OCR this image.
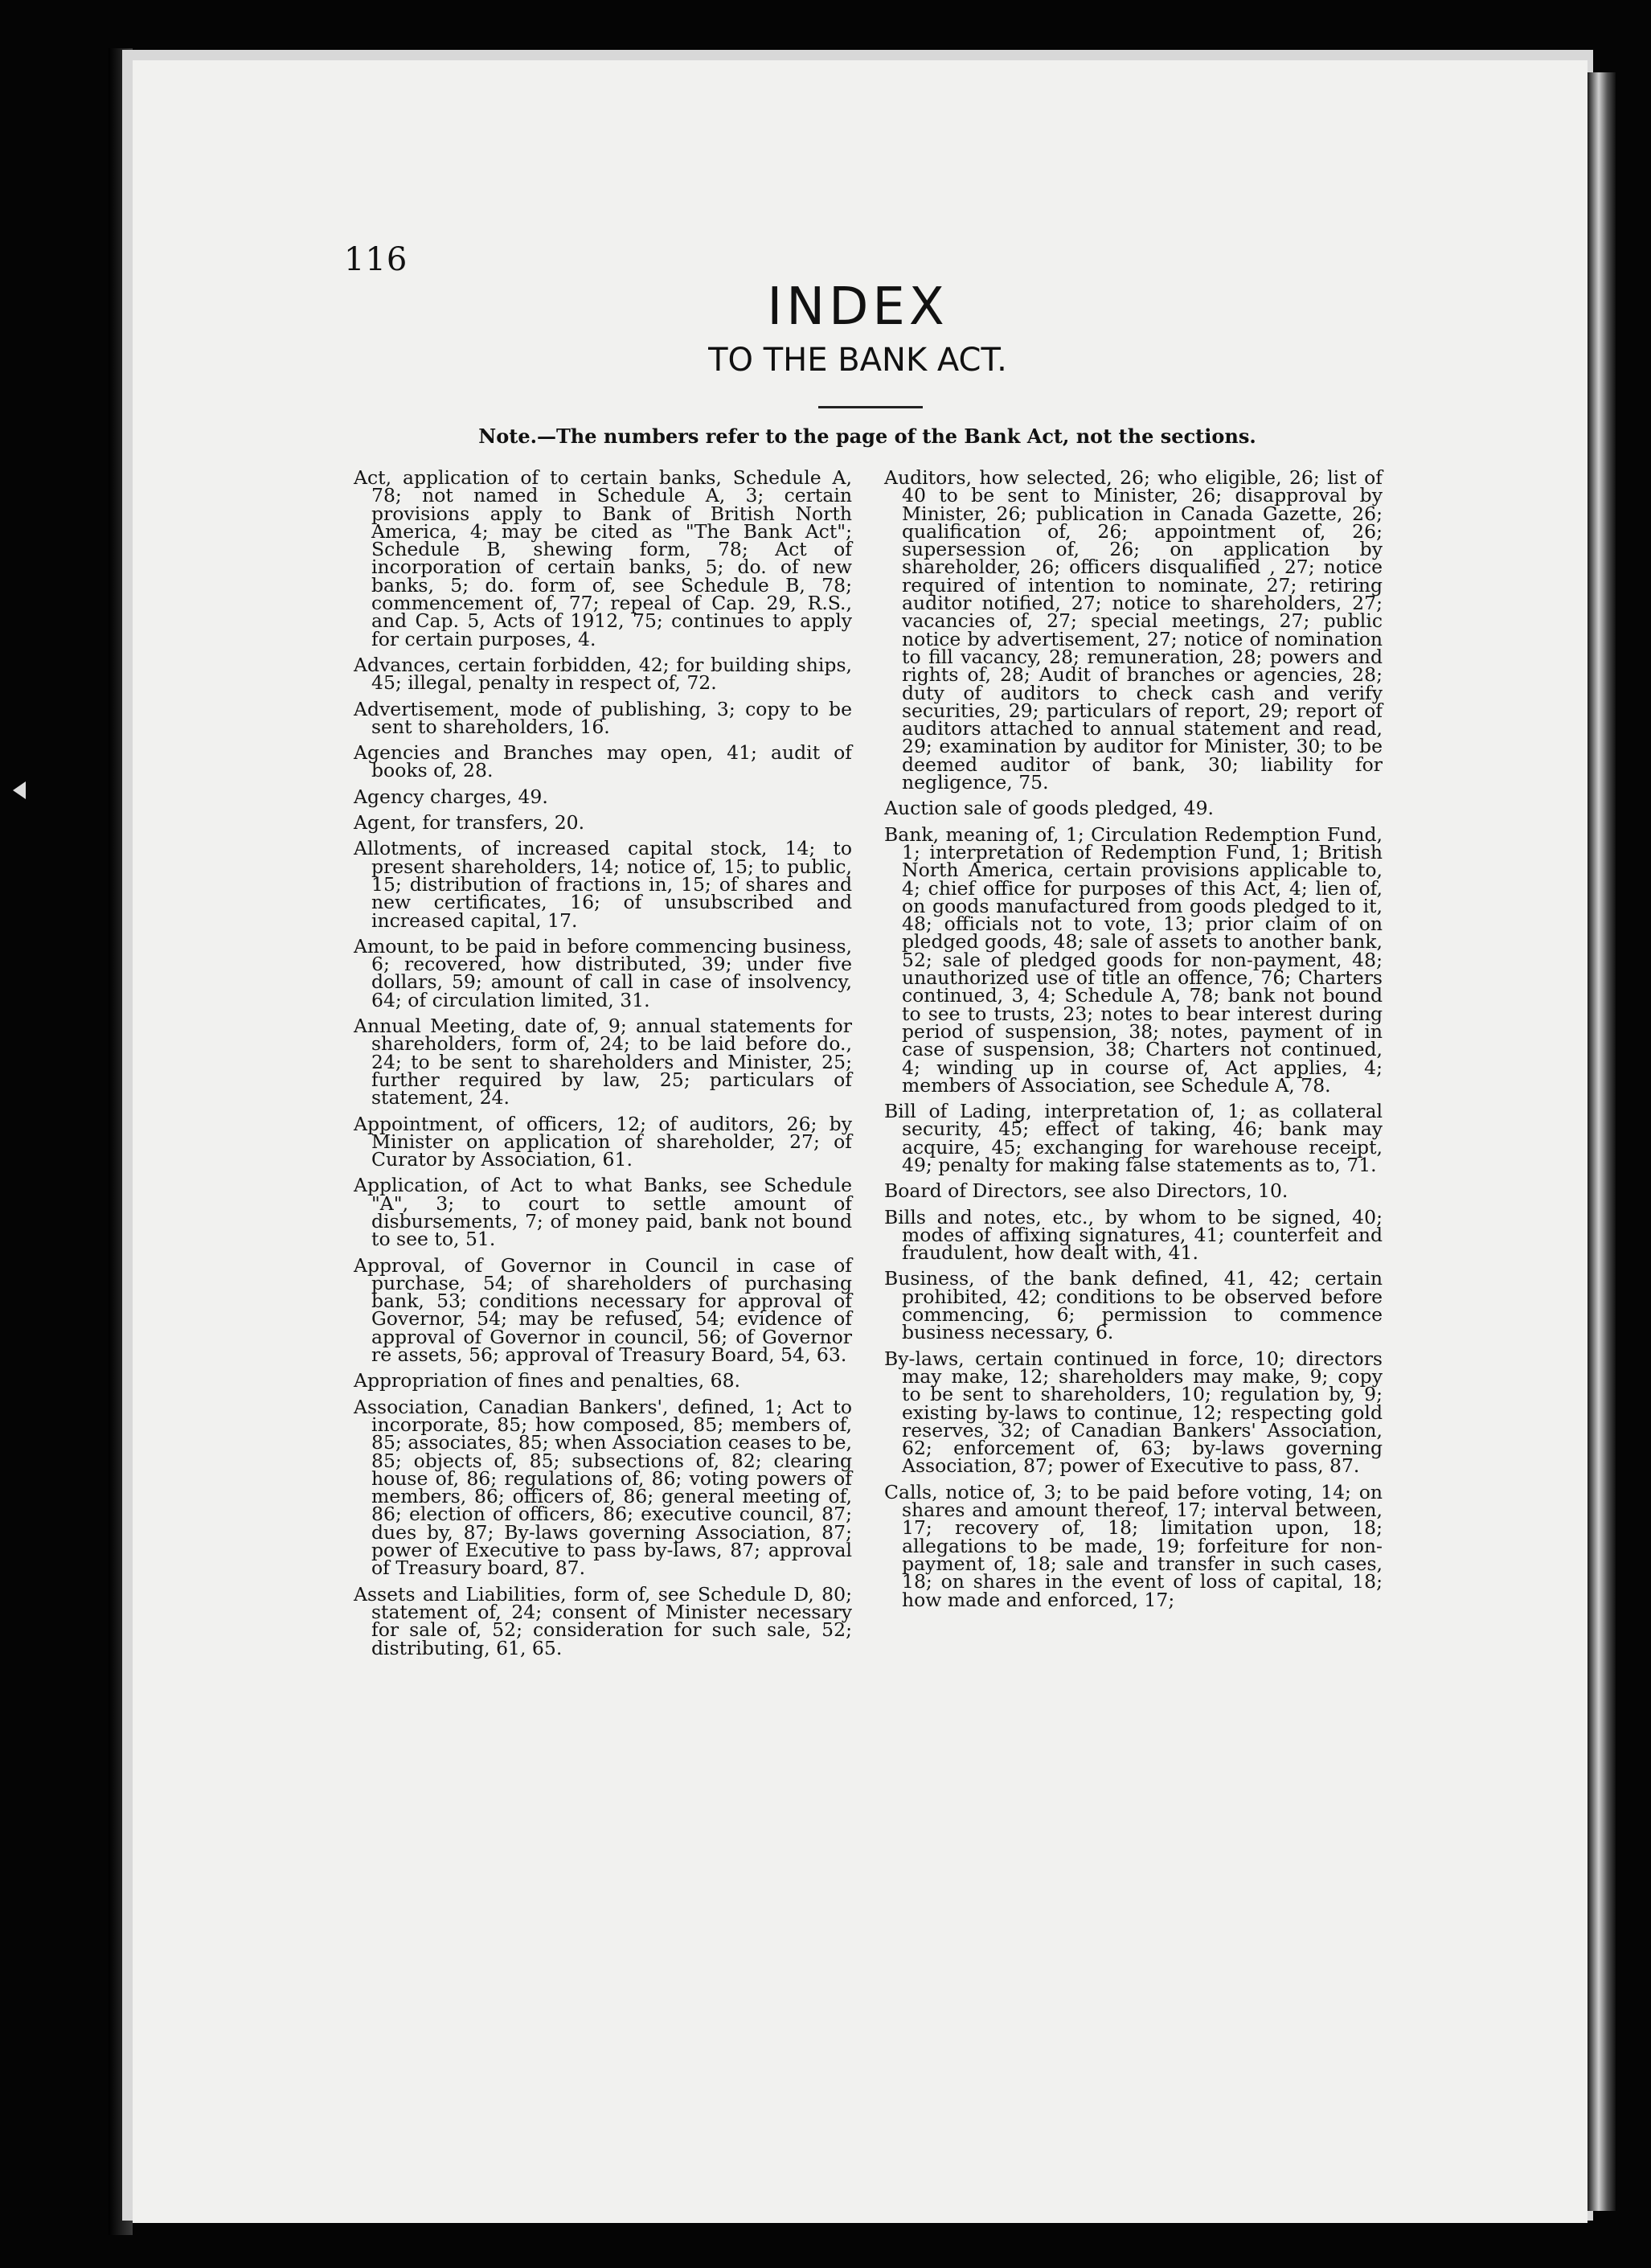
116
INDEX
TO THE BANK ACT.
Note.—The numbers refer to the page of the Bank Act, not the sections.

Act, application of to certain banks, Schedule A, 78; not named in Schedule A, 3; certain provisions apply to Bank of British North America, 4; may be cited as "The Bank Act"; Schedule B, shewing form, 78; Act of incorporation of certain banks, 5; do. of new banks, 5; do. form of, see Schedule B, 78; commencement of, 77; repeal of Cap. 29, R.S., and Cap. 5, Acts of 1912, 75; continues to apply for certain purposes, 4.

Advances, certain forbidden, 42; for building ships, 45; illegal, penalty in respect of, 72.

Advertisement, mode of publishing, 3; copy to be sent to shareholders, 16.

Agencies and Branches may open, 41; audit of books of, 28.

Agency charges, 49.

Agent, for transfers, 20.

Allotments, of increased capital stock, 14; to present shareholders, 14; notice of, 15; to public, 15; distribution of fractions in, 15; of shares and new certificates, 16; of unsubscribed and increased capital, 17.

Amount, to be paid in before commencing business, 6; recovered, how distributed, 39; under five dollars, 59; amount of call in case of insolvency, 64; of circulation limited, 31.

Annual Meeting, date of, 9; annual statements for shareholders, form of, 24; to be laid before do., 24; to be sent to shareholders and Minister, 25; further required by law, 25; particulars of statement, 24.

Appointment, of officers, 12; of auditors, 26; by Minister on application of shareholder, 27; of Curator by Association, 61.

Application, of Act to what Banks, see Schedule "A", 3; to court to settle amount of disbursements, 7; of money paid, bank not bound to see to, 51.

Approval, of Governor in Council in case of purchase, 54; of shareholders of purchasing bank, 53; conditions necessary for approval of Governor, 54; may be refused, 54; evidence of approval of Governor in council, 56; of Governor re assets, 56; approval of Treasury Board, 54, 63.

Appropriation of fines and penalties, 68.

Association, Canadian Bankers', defined, 1; Act to incorporate, 85; how composed, 85; members of, 85; associates, 85; when Association ceases to be, 85; objects of, 85; subsections of, 82; clearing house of, 86; regulations of, 86; voting powers of members, 86; officers of, 86; general meeting of, 86; election of officers, 86; executive council, 87; dues by, 87; By-laws governing Association, 87; power of Executive to pass by-laws, 87; approval of Treasury board, 87.

Assets and Liabilities, form of, see Schedule D, 80; statement of, 24; consent of Minister necessary for sale of, 52; consideration for such sale, 52; distributing, 61, 65.

Auditors, how selected, 26; who eligible, 26; list of 40 to be sent to Minister, 26; disapproval by Minister, 26; publication in Canada Gazette, 26; qualification of, 26; appointment of, 26; supersession of, 26; on application by shareholder, 26; officers disqualified , 27; notice required of intention to nominate, 27; retiring auditor notified, 27; notice to shareholders, 27; vacancies of, 27; special meetings, 27; public notice by advertisement, 27; notice of nomination to fill vacancy, 28; remuneration, 28; powers and rights of, 28; Audit of branches or agencies, 28; duty of auditors to check cash and verify securities, 29; particulars of report, 29; report of auditors attached to annual statement and read, 29; examination by auditor for Minister, 30; to be deemed auditor of bank, 30; liability for negligence, 75.

Auction sale of goods pledged, 49.

Bank, meaning of, 1; Circulation Redemption Fund, 1; interpretation of Redemption Fund, 1; British North America, certain provisions applicable to, 4; chief office for purposes of this Act, 4; lien of, on goods manufactured from goods pledged to it, 48; officials not to vote, 13; prior claim of on pledged goods, 48; sale of assets to another bank, 52; sale of pledged goods for non-payment, 48; unauthorized use of title an offence, 76; Charters continued, 3, 4; Schedule A, 78; bank not bound to see to trusts, 23; notes to bear interest during period of suspension, 38; notes, payment of in case of suspension, 38; Charters not continued, 4; winding up in course of, Act applies, 4; members of Association, see Schedule A, 78.

Bill of Lading, interpretation of, 1; as collateral security, 45; effect of taking, 46; bank may acquire, 45; exchanging for warehouse receipt, 49; penalty for making false statements as to, 71.

Board of Directors, see also Directors, 10.

Bills and notes, etc., by whom to be signed, 40; modes of affixing signatures, 41; counterfeit and fraudulent, how dealt with, 41.

Business, of the bank defined, 41, 42; certain prohibited, 42; conditions to be observed before commencing, 6; permission to commence business necessary, 6.

By-laws, certain continued in force, 10; directors may make, 12; shareholders may make, 9; copy to be sent to shareholders, 10; regulation by, 9; existing by-laws to continue, 12; respecting gold reserves, 32; of Canadian Bankers' Association, 62; enforcement of, 63; by-laws governing Association, 87; power of Executive to pass, 87.

Calls, notice of, 3; to be paid before voting, 14; on shares and amount thereof, 17; interval between, 17; recovery of, 18; limitation upon, 18; allegations to be made, 19; forfeiture for non-payment of, 18; sale and transfer in such cases, 18; on shares in the event of loss of capital, 18; how made and enforced, 17;
